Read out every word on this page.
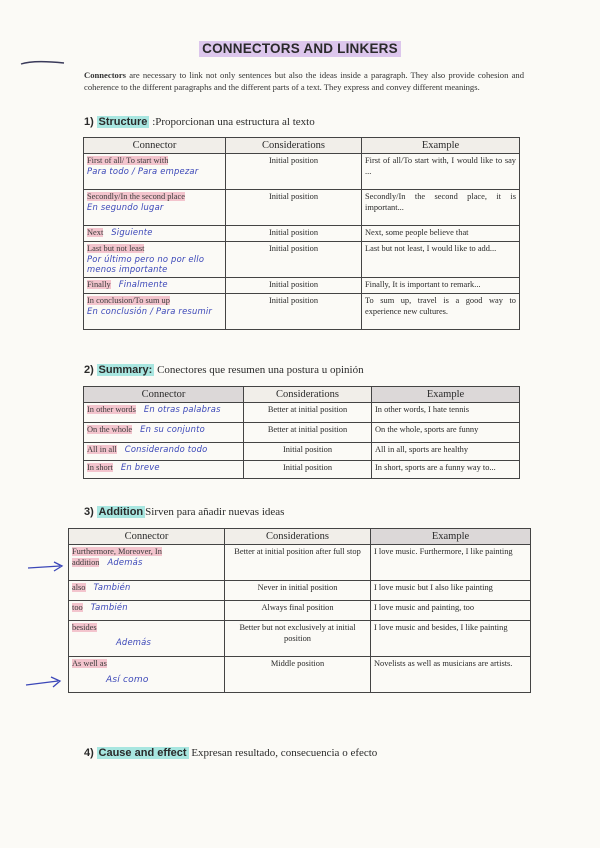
CONNECTORS AND LINKERS
Connectors are necessary to link not only sentences but also the ideas inside a paragraph. They also provide cohesion and coherence to the different paragraphs and the different parts of a text. They express and convey different meanings.
1) Structure :Proporcionan una estructura al texto
Connector	Considerations	Example
First of all/ To start with
Para todo / Para empezar	Initial position	First of all/To start with, I would like to say ...
Secondly/In the second place
En segundo lugar	Initial position	Secondly/In the second place, it is important...
Next Siguiente	Initial position	Next, some people believe that
Last but not least
Por último pero no por ello menos importante	Initial position	Last but not least, I would like to add...
Finally Finalmente	Initial position	Finally, It is important to remark...
In conclusion/To sum up
En conclusión / Para resumir	Initial position	To sum up, travel is a good way to experience new cultures.
2) Summary: Conectores que resumen una postura u opinión
Connector	Considerations	Example
In other words En otras palabras	Better at initial position	In other words, I hate tennis
On the whole En su conjunto	Better at initial position	On the whole, sports are funny
All in all Considerando todo	Initial position	All in all, sports are healthy
In short En breve	Initial position	In short, sports are a funny way to...
3) Addition Sirven para añadir nuevas ideas
Connector	Considerations	Example
Furthermore, Moreover, In addition Además	Better at initial position after full stop	I love music. Furthermore, I like painting
also También	Never in initial position	I love music but I also like painting
too También	Always final position	I love music and painting, too
besides
Además	Better but not exclusively at initial position	I love music and besides, I like painting
As well as
Así como	Middle position	Novelists as well as musicians are artists.
4) Cause and effect Expresan resultado, consecuencia o efecto
